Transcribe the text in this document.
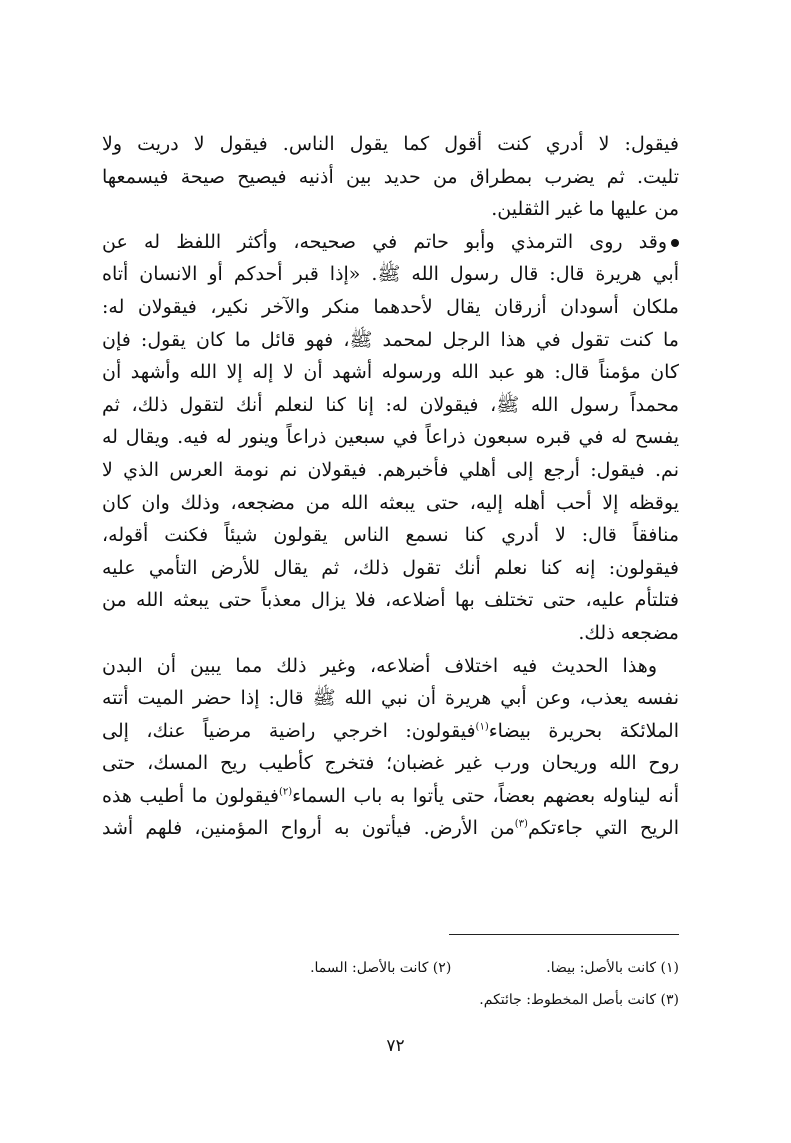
فيقول: لا أدري كنت أقول كما يقول الناس. فيقول لا دريت ولا
تليت. ثم يضرب بمطراق من حديد بين أذنيه فيصيح صيحة فيسمعها
من عليها ما غير الثقلين.
وقد روى الترمذي وأبو حاتم في صحيحه، وأكثر اللفظ له عن
أبي هريرة قال: قال رسول الله ﷺ. «إذا قبر أحدكم أو الانسان أتاه
ملكان أسودان أزرقان يقال لأحدهما منكر والآخر نكير، فيقولان له:
ما كنت تقول في هذا الرجل لمحمد ﷺ، فهو قائل ما كان يقول: فإن
كان مؤمناً قال: هو عبد الله ورسوله أشهد أن لا إله إلا الله وأشهد أن
محمداً رسول الله ﷺ، فيقولان له: إنا كنا لنعلم أنك لتقول ذلك، ثم
يفسح له في قبره سبعون ذراعاً في سبعين ذراعاً وينور له فيه. ويقال له
نم. فيقول: أرجع إلى أهلي فأخبرهم. فيقولان نم نومة العرس الذي لا
يوقظه إلا أحب أهله إليه، حتى يبعثه الله من مضجعه، وذلك وان كان
منافقاً قال: لا أدري كنا نسمع الناس يقولون شيئاً فكنت أقوله،
فيقولون: إنه كنا نعلم أنك تقول ذلك، ثم يقال للأرض التأمي عليه
فتلتأم عليه، حتى تختلف بها أضلاعه، فلا يزال معذباً حتى يبعثه الله من
مضجعه ذلك.
وهذا الحديث فيه اختلاف أضلاعه، وغير ذلك مما يبين أن البدن
نفسه يعذب، وعن أبي هريرة أن نبي الله ﷺ قال: إذا حضر الميت أتته
الملائكة بحريرة بيضاء$^{(١)}$فيقولون: اخرجي راضية مرضياً عنك، إلى
روح الله وريحان ورب غير غضبان؛ فتخرج كأطيب ريح المسك، حتى
أنه ليناوله بعضهم بعضاً، حتى يأتوا به باب السماء$^{(٢)}$فيقولون ما أطيب هذه
الريح التي جاءتكم$^{(٣)}$من الأرض. فيأتون به أرواح المؤمنين، فلهم أشد
(١) كانت بالأصل: بيضا.(٢) كانت بالأصل: السما.
(٣) كانت بأصل المخطوط: جائتكم.
٧٢
